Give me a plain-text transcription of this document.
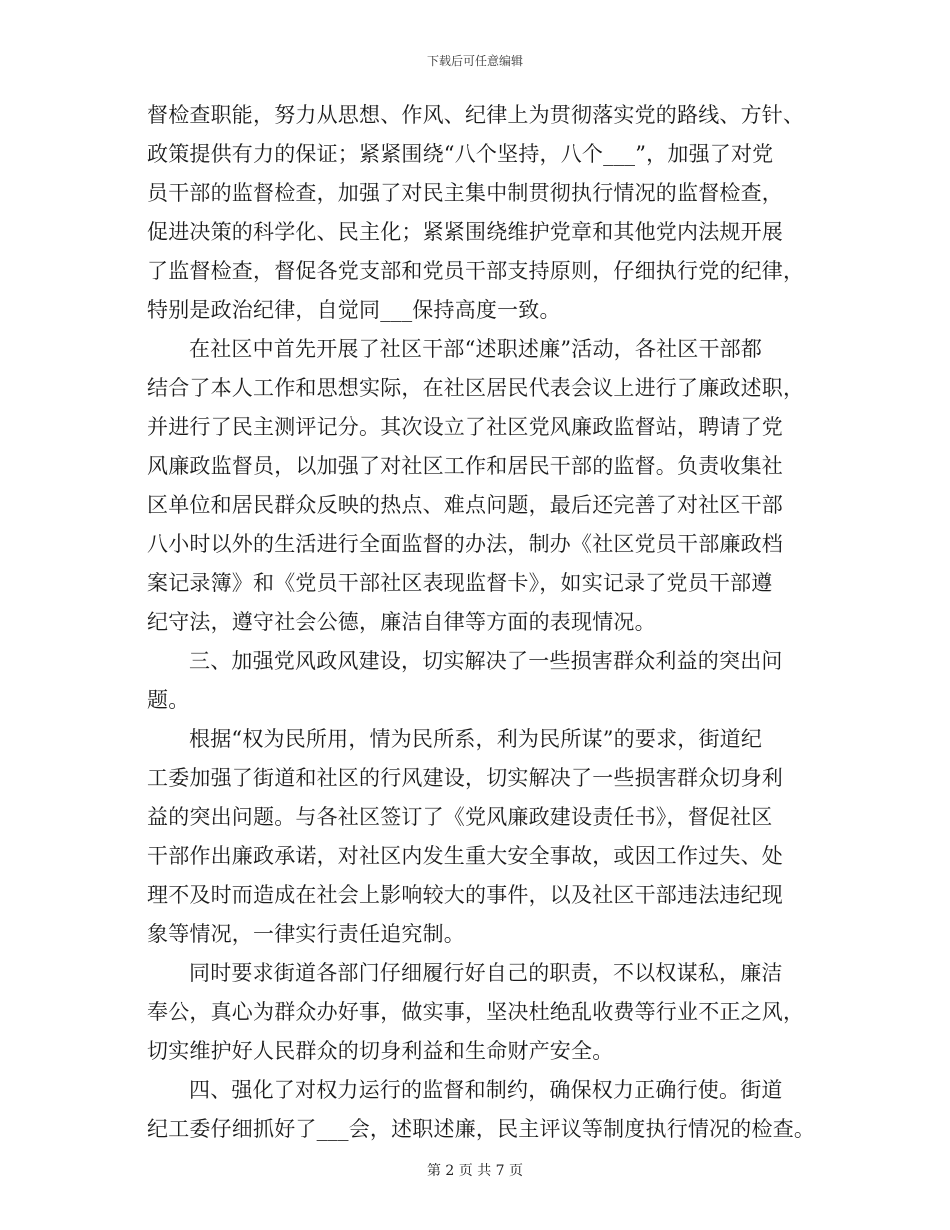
下载后可任意编辑
督检查职能，努力从思想、作风、纪律上为贯彻落实党的路线、方针、
政策提供有力的保证；紧紧围绕“八个坚持，八个___”，加强了对党
员干部的监督检查，加强了对民主集中制贯彻执行情况的监督检查，
促进决策的科学化、民主化；紧紧围绕维护党章和其他党内法规开展
了监督检查，督促各党支部和党员干部支持原则，仔细执行党的纪律，
特别是政治纪律，自觉同___保持高度一致。
在社区中首先开展了社区干部“述职述廉”活动，各社区干部都
结合了本人工作和思想实际，在社区居民代表会议上进行了廉政述职，
并进行了民主测评记分。其次设立了社区党风廉政监督站，聘请了党
风廉政监督员，以加强了对社区工作和居民干部的监督。负责收集社
区单位和居民群众反映的热点、难点问题，最后还完善了对社区干部
八小时以外的生活进行全面监督的办法，制办《社区党员干部廉政档
案记录簿》和《党员干部社区表现监督卡》，如实记录了党员干部遵
纪守法，遵守社会公德，廉洁自律等方面的表现情况。
三、加强党风政风建设，切实解决了一些损害群众利益的突出问
题。
根据“权为民所用，情为民所系，利为民所谋”的要求，街道纪
工委加强了街道和社区的行风建设，切实解决了一些损害群众切身利
益的突出问题。与各社区签订了《党风廉政建设责任书》，督促社区
干部作出廉政承诺，对社区内发生重大安全事故，或因工作过失、处
理不及时而造成在社会上影响较大的事件，以及社区干部违法违纪现
象等情况，一律实行责任追究制。
同时要求街道各部门仔细履行好自己的职责，不以权谋私，廉洁
奉公，真心为群众办好事，做实事，坚决杜绝乱收费等行业不正之风，
切实维护好人民群众的切身利益和生命财产安全。
四、强化了对权力运行的监督和制约，确保权力正确行使。街道
纪工委仔细抓好了___会，述职述廉，民主评议等制度执行情况的检查。
第 2 页 共 7 页
